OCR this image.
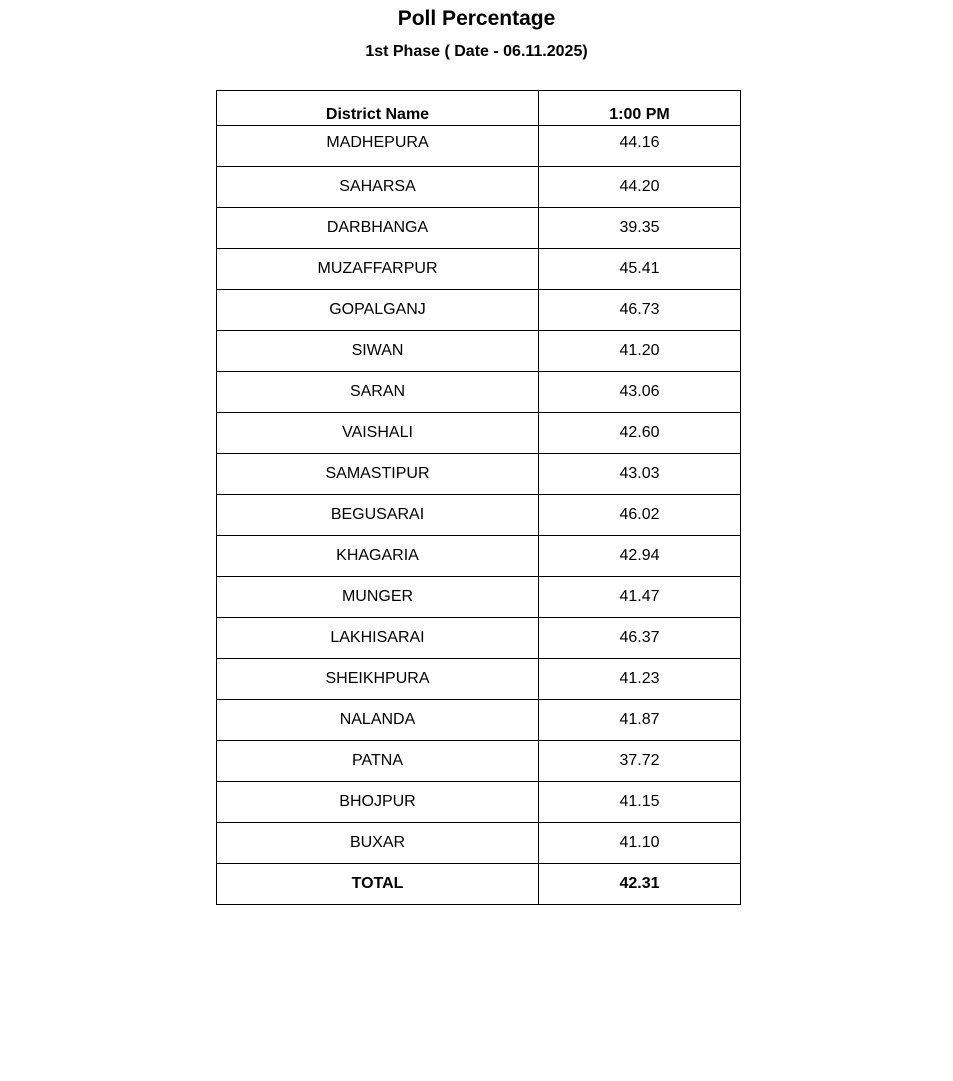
Poll Percentage
1st Phase ( Date - 06.11.2025)
District Name	1:00 PM
MADHEPURA	44.16
SAHARSA	44.20
DARBHANGA	39.35
MUZAFFARPUR	45.41
GOPALGANJ	46.73
SIWAN	41.20
SARAN	43.06
VAISHALI	42.60
SAMASTIPUR	43.03
BEGUSARAI	46.02
KHAGARIA	42.94
MUNGER	41.47
LAKHISARAI	46.37
SHEIKHPURA	41.23
NALANDA	41.87
PATNA	37.72
BHOJPUR	41.15
BUXAR	41.10
TOTAL	42.31
